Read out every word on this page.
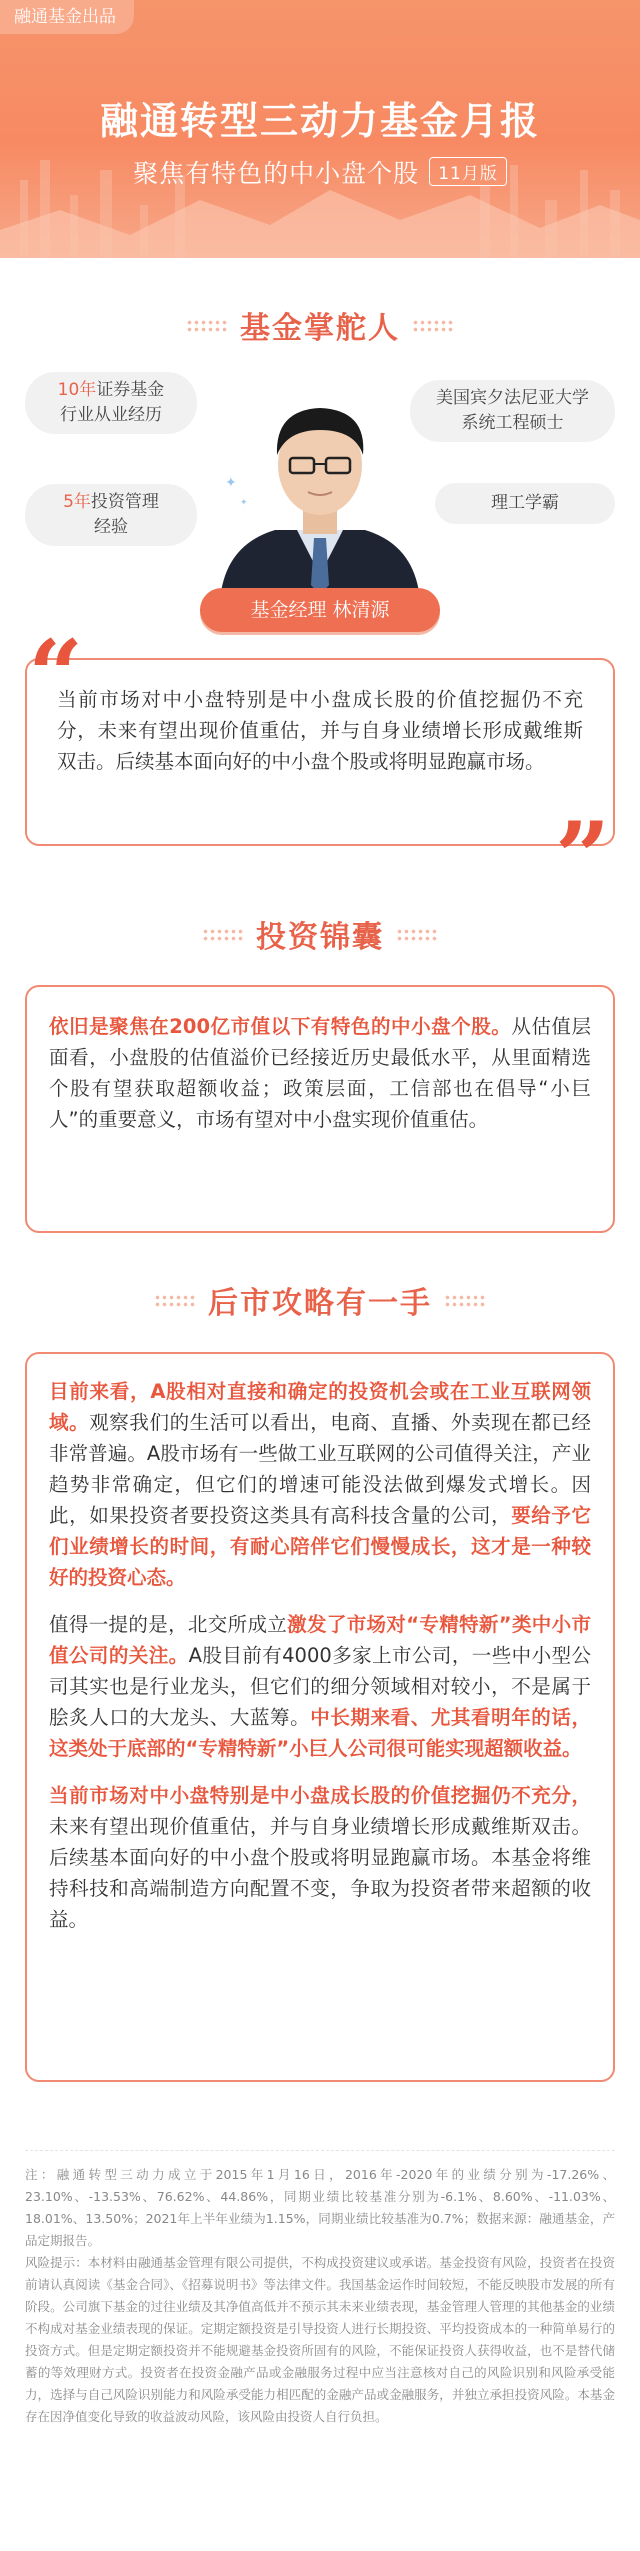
融通基金出品
融通转型三动力基金月报
聚焦有特色的中小盘个股 11月版
基金掌舵人
10年证券基金
行业从业经历
5年投资管理
经验
美国宾夕法尼亚大学
系统工程硕士
理工学霸
✦
✦
基金经理 林清源

当前市场对中小盘特别是中小盘成长股的价值挖掘仍不充分，未来有望出现价值重估，并与自身业绩增长形成戴维斯双击。后续基本面向好的中小盘个股或将明显跑赢市场。

“
”
投资锦囊

依旧是聚焦在200亿市值以下有特色的中小盘个股。从估值层面看，小盘股的估值溢价已经接近历史最低水平，从里面精选个股有望获取超额收益；政策层面，工信部也在倡导“小巨人”的重要意义，市场有望对中小盘实现价值重估。

后市攻略有一手

目前来看，A股相对直接和确定的投资机会或在工业互联网领域。观察我们的生活可以看出，电商、直播、外卖现在都已经非常普遍。A股市场有一些做工业互联网的公司值得关注，产业趋势非常确定，但它们的增速可能没法做到爆发式增长。因此，如果投资者要投资这类具有高科技含量的公司，要给予它们业绩增长的时间，有耐心陪伴它们慢慢成长，这才是一种较好的投资心态。

值得一提的是，北交所成立激发了市场对“专精特新”类中小市值公司的关注。A股目前有4000多家上市公司，一些中小型公司其实也是行业龙头，但它们的细分领域相对较小，不是属于脍炙人口的大龙头、大蓝筹。中长期来看、尤其看明年的话，这类处于底部的“专精特新”小巨人公司很可能实现超额收益。

当前市场对中小盘特别是中小盘成长股的价值挖掘仍不充分，未来有望出现价值重估，并与自身业绩增长形成戴维斯双击。后续基本面向好的中小盘个股或将明显跑赢市场。本基金将维持科技和高端制造方向配置不变，争取为投资者带来超额的收益。

注：融通转型三动力成立于2015年1月16日，2016年-2020年的业绩分别为-17.26%、23.10%、-13.53%、76.62%、44.86%，同期业绩比较基准分别为-6.1%、8.60%、-11.03%、18.01%、13.50%；2021年上半年业绩为1.15%，同期业绩比较基准为0.7%；数据来源：融通基金，产品定期报告。

风险提示：本材料由融通基金管理有限公司提供，不构成投资建议或承诺。基金投资有风险，投资者在投资前请认真阅读《基金合同》、《招募说明书》等法律文件。我国基金运作时间较短，不能反映股市发展的所有阶段。公司旗下基金的过往业绩及其净值高低并不预示其未来业绩表现，基金管理人管理的其他基金的业绩不构成对基金业绩表现的保证。定期定额投资是引导投资人进行长期投资、平均投资成本的一种简单易行的投资方式。但是定期定额投资并不能规避基金投资所固有的风险，不能保证投资人获得收益，也不是替代储蓄的等效理财方式。投资者在投资金融产品或金融服务过程中应当注意核对自己的风险识别和风险承受能力，选择与自己风险识别能力和风险承受能力相匹配的金融产品或金融服务，并独立承担投资风险。本基金存在因净值变化导致的收益波动风险，该风险由投资人自行负担。
